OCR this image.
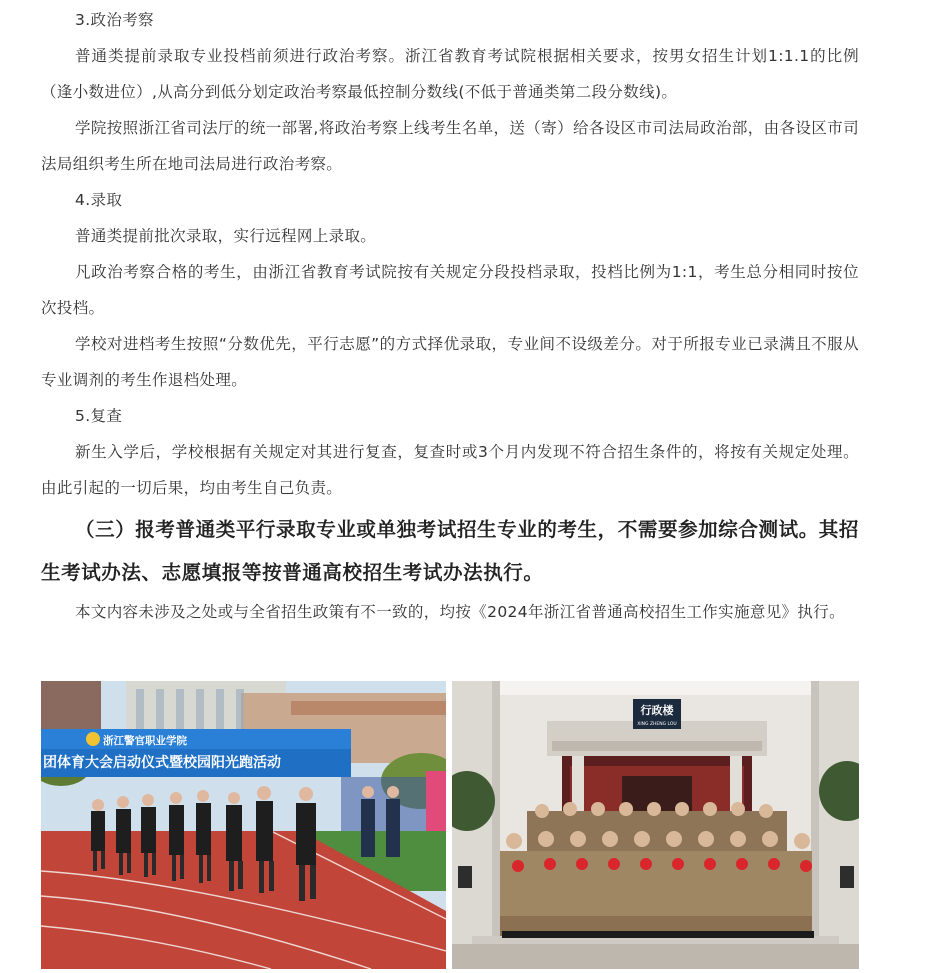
3.政治考察

普通类提前录取专业投档前须进行政治考察。浙江省教育考试院根据相关要求，按男女招生计划1:1.1的比例（逢小数进位）,从高分到低分划定政治考察最低控制分数线(不低于普通类第二段分数线)。

学院按照浙江省司法厅的统一部署,将政治考察上线考生名单，送（寄）给各设区市司法局政治部，由各设区市司法局组织考生所在地司法局进行政治考察。

4.录取

普通类提前批次录取，实行远程网上录取。

凡政治考察合格的考生，由浙江省教育考试院按有关规定分段投档录取，投档比例为1:1，考生总分相同时按位次投档。

学校对进档考生按照“分数优先，平行志愿”的方式择优录取，专业间不设级差分。对于所报专业已录满且不服从专业调剂的考生作退档处理。

5.复查

新生入学后，学校根据有关规定对其进行复查，复查时或3个月内发现不符合招生条件的，将按有关规定处理。由此引起的一切后果，均由考生自己负责。

（三）报考普通类平行录取专业或单独考试招生专业的考生，不需要参加综合测试。其招生考试办法、志愿填报等按普通高校招生考试办法执行。

本文内容未涉及之处或与全省招生政策有不一致的，均按《2024年浙江省普通高校招生工作实施意见》执行。

浙江警官职业学院
团体育大会启动仪式暨校园阳光跑活动
行政楼
XING ZHENG LOU
